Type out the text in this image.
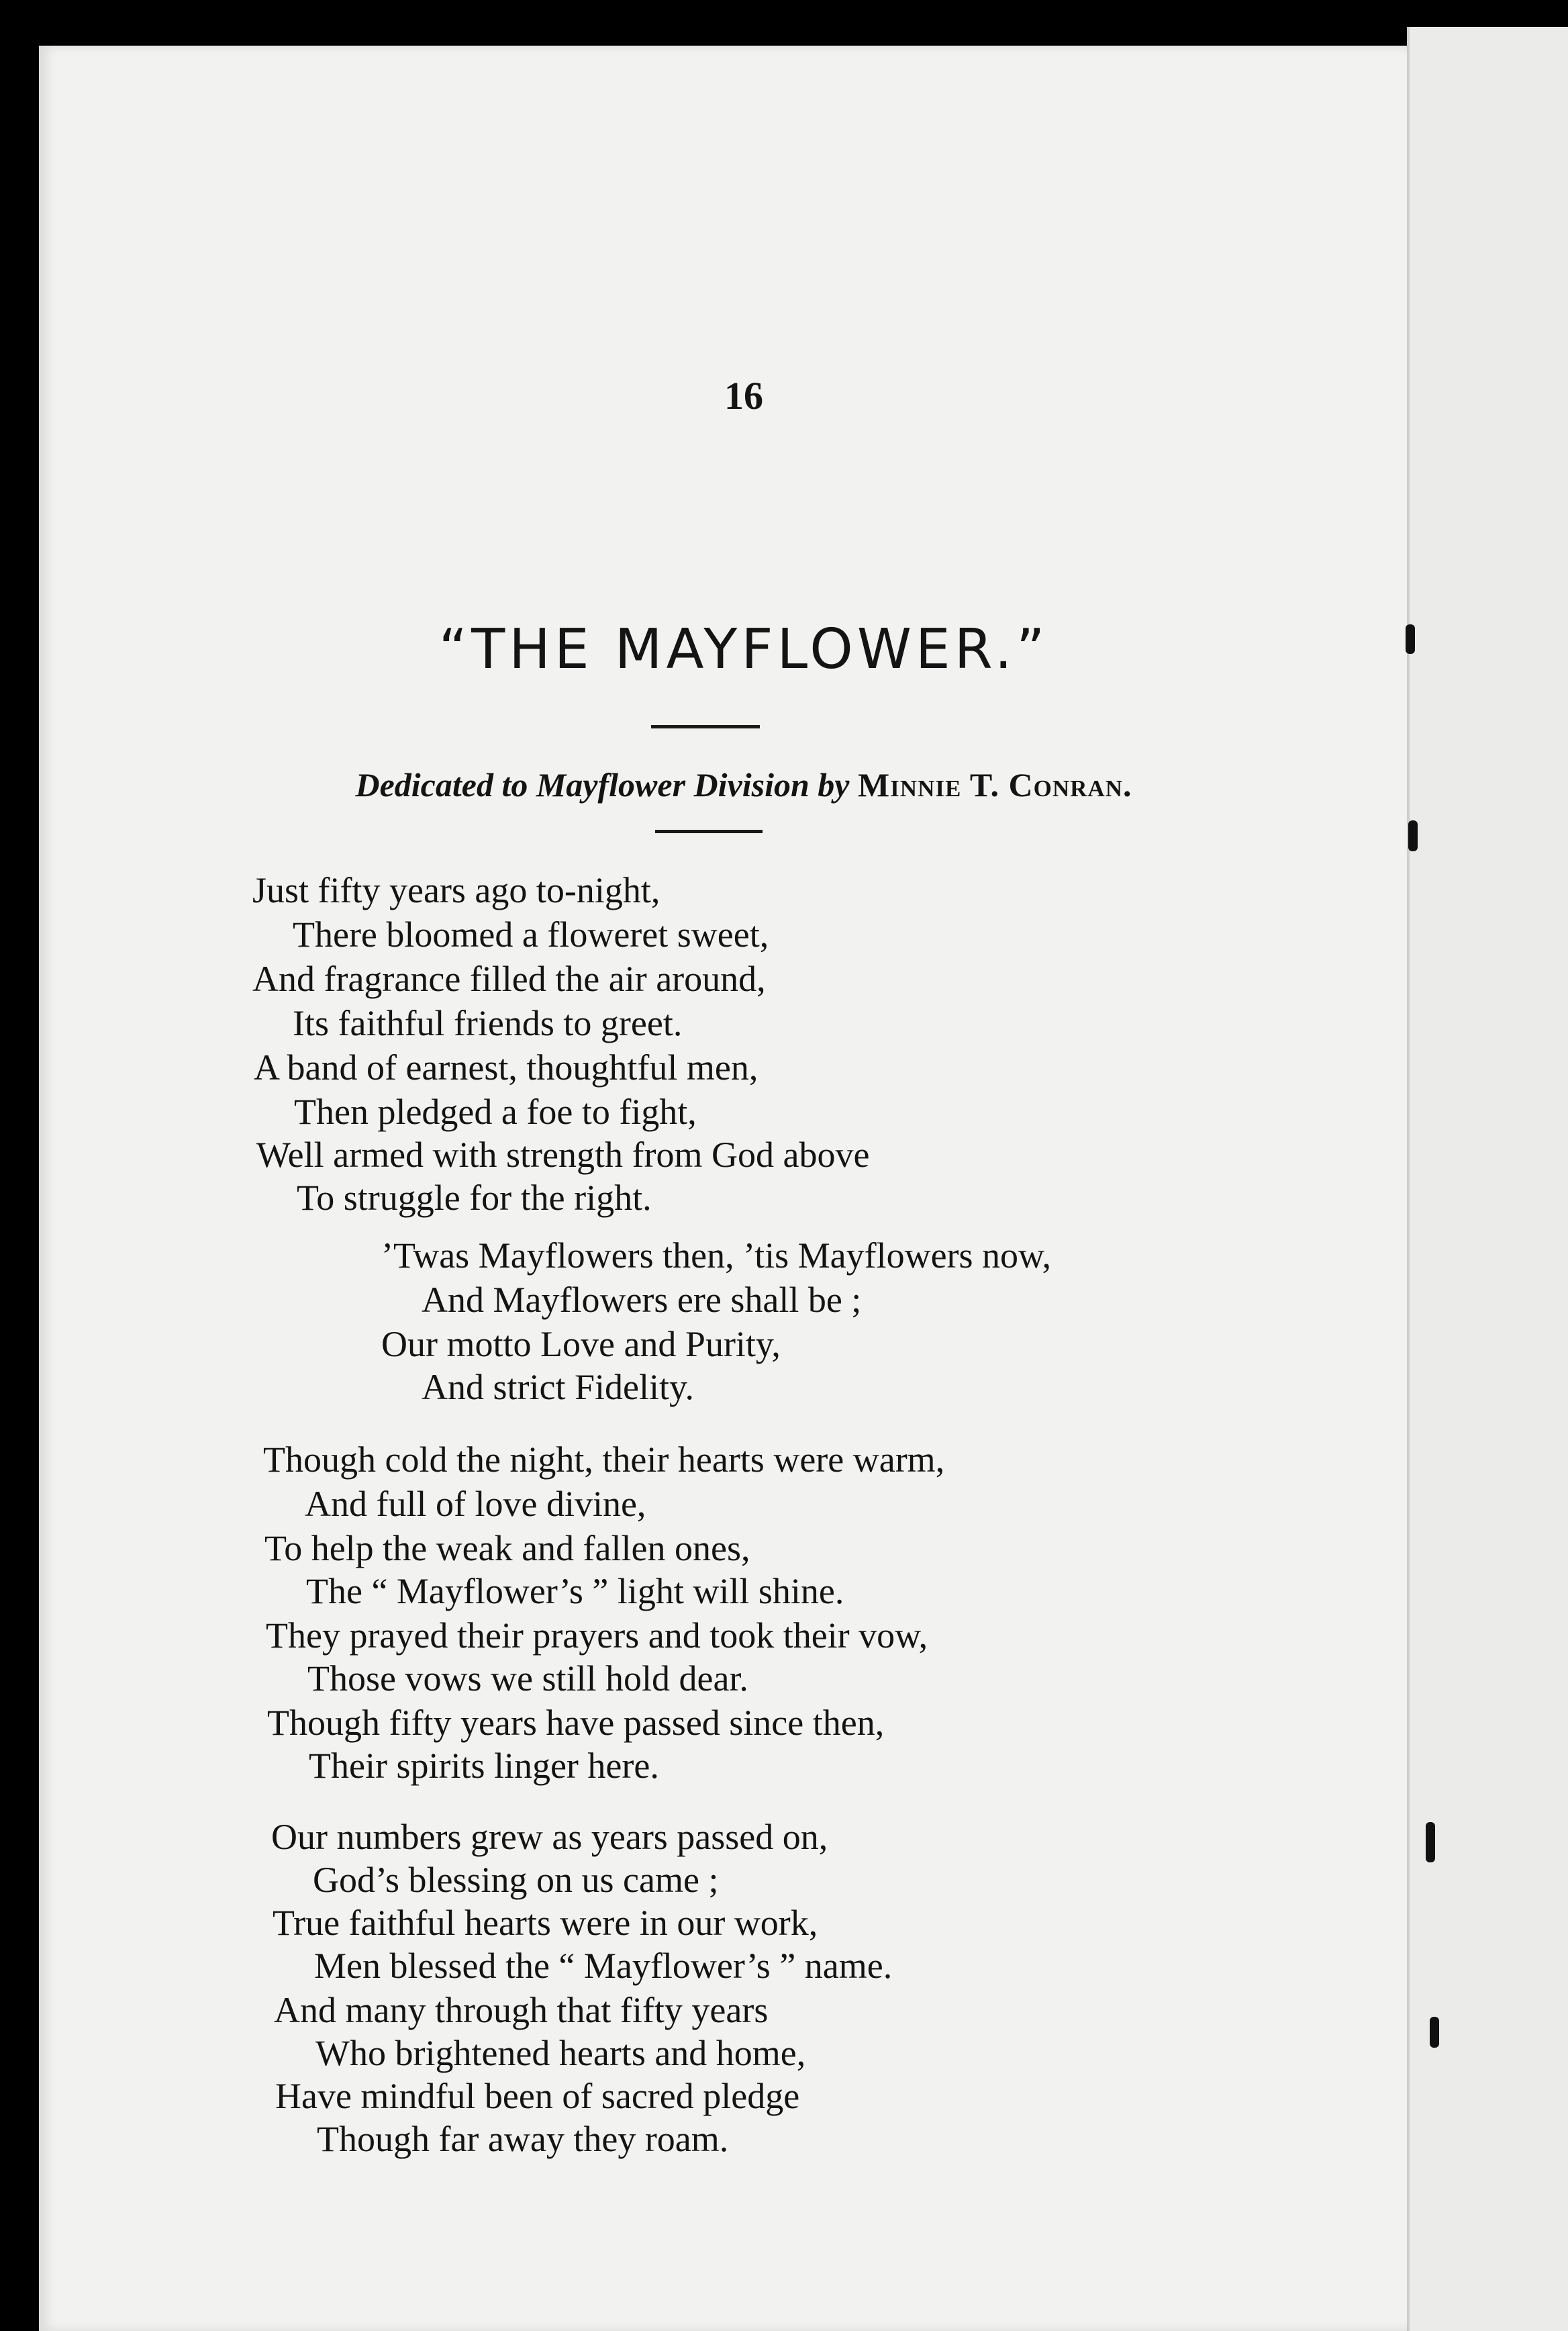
16
“THE MAYFLOWER.”

Dedicated to Mayflower Division by Minnie T. Conran.

Just fifty years ago to-night,
There bloomed a floweret sweet,
And fragrance filled the air around,
Its faithful friends to greet.
A band of earnest, thoughtful men,
Then pledged a foe to fight,
Well armed with strength from God above
To struggle for the right.
’Twas Mayflowers then, ’tis Mayflowers now,
And Mayflowers ere shall be ;
Our motto Love and Purity,
And strict Fidelity.
Though cold the night, their hearts were warm,
And full of love divine,
To help the weak and fallen ones,
The “ Mayflower’s ” light will shine.
They prayed their prayers and took their vow,
Those vows we still hold dear.
Though fifty years have passed since then,
Their spirits linger here.
Our numbers grew as years passed on,
God’s blessing on us came ;
True faithful hearts were in our work,
Men blessed the “ Mayflower’s ” name.
And many through that fifty years
Who brightened hearts and home,
Have mindful been of sacred pledge
Though far away they roam.
